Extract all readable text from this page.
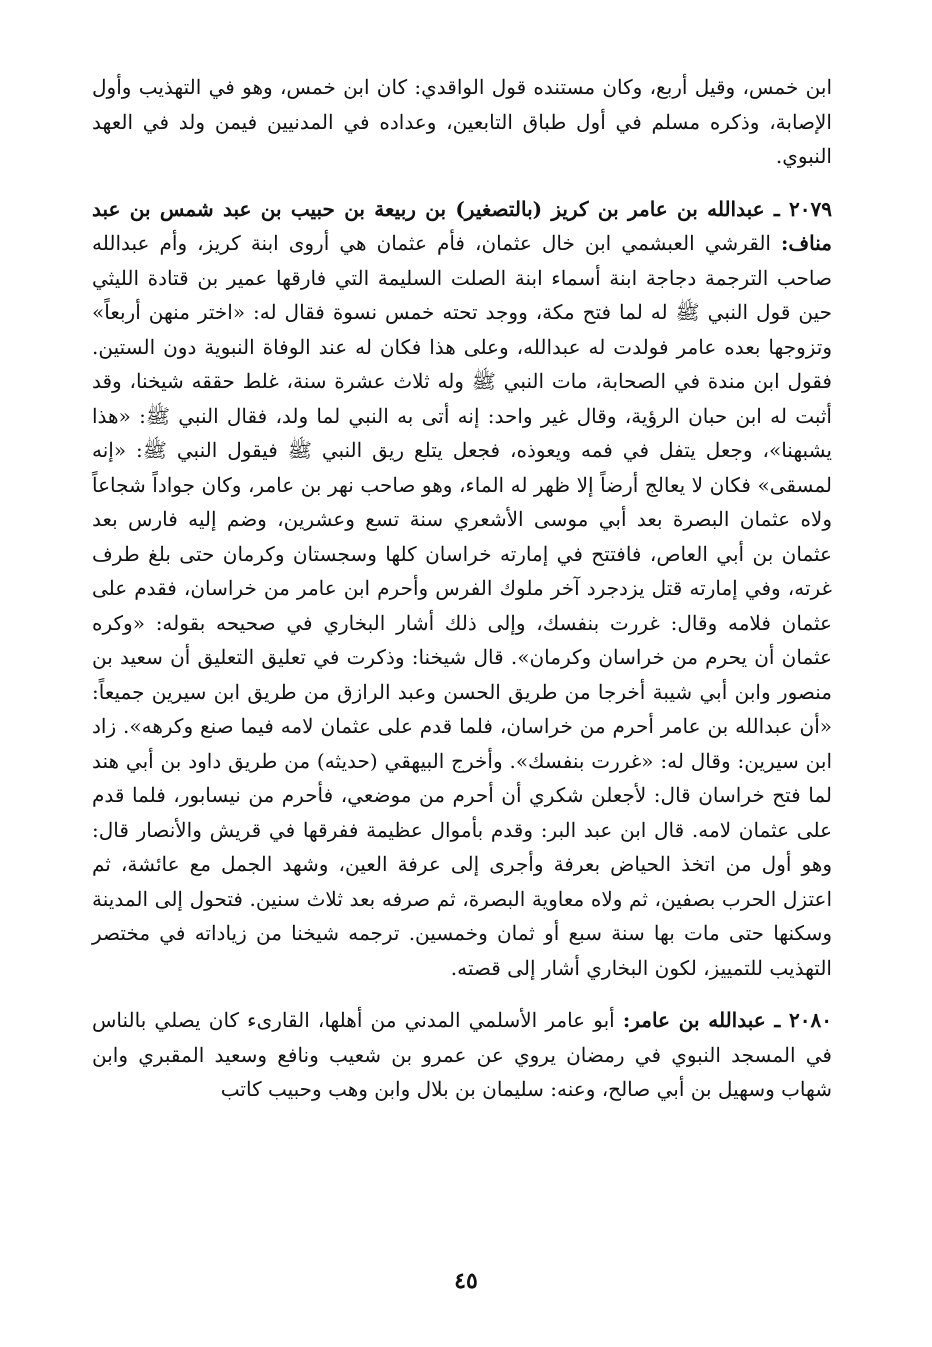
ابن خمس، وقيل أربع، وكان مستنده قول الواقدي: كان ابن خمس، وهو في التهذيب وأول الإصابة، وذكره مسلم في أول طباق التابعين، وعداده في المدنيين فيمن ولد في العهد النبوي.

٢٠٧٩ ـ عبدالله بن عامر بن كريز (بالتصغير) بن ربيعة بن حبيب بن عبد شمس بن عبد مناف: القرشي العبشمي ابن خال عثمان، فأم عثمان هي أروى ابنة كريز، وأم عبدالله صاحب الترجمة دجاجة ابنة أسماء ابنة الصلت السليمة التي فارقها عمير بن قتادة الليثي حين قول النبي ﷺ له لما فتح مكة، ووجد تحته خمس نسوة فقال له: «اختر منهن أربعاً» وتزوجها بعده عامر فولدت له عبدالله، وعلى هذا فكان له عند الوفاة النبوية دون الستين. فقول ابن مندة في الصحابة، مات النبي ﷺ وله ثلاث عشرة سنة، غلط حققه شيخنا، وقد أثبت له ابن حبان الرؤية، وقال غير واحد: إنه أتى به النبي لما ولد، فقال النبي ﷺ: «هذا يشبهنا»، وجعل يتفل في فمه ويعوذه، فجعل يتلع ريق النبي ﷺ فيقول النبي ﷺ: «إنه لمسقى» فكان لا يعالج أرضاً إلا ظهر له الماء، وهو صاحب نهر بن عامر، وكان جواداً شجاعاً ولاه عثمان البصرة بعد أبي موسى الأشعري سنة تسع وعشرين، وضم إليه فارس بعد عثمان بن أبي العاص، فافتتح في إمارته خراسان كلها وسجستان وكرمان حتى بلغ طرف غرته، وفي إمارته قتل يزدجرد آخر ملوك الفرس وأحرم ابن عامر من خراسان، فقدم على عثمان فلامه وقال: غررت بنفسك، وإلى ذلك أشار البخاري في صحيحه بقوله: «وكره عثمان أن يحرم من خراسان وكرمان». قال شيخنا: وذكرت في تعليق التعليق أن سعيد بن منصور وابن أبي شيبة أخرجا من طريق الحسن وعبد الرازق من طريق ابن سيرين جميعاً: «أن عبدالله بن عامر أحرم من خراسان، فلما قدم على عثمان لامه فيما صنع وكرهه». زاد ابن سيرين: وقال له: «غررت بنفسك». وأخرج البيهقي (حديثه) من طريق داود بن أبي هند لما فتح خراسان قال: لأجعلن شكري أن أحرم من موضعي، فأحرم من نيسابور، فلما قدم على عثمان لامه. قال ابن عبد البر: وقدم بأموال عظيمة ففرقها في قريش والأنصار قال: وهو أول من اتخذ الحياض بعرفة وأجرى إلى عرفة العين، وشهد الجمل مع عائشة، ثم اعتزل الحرب بصفين، ثم ولاه معاوية البصرة، ثم صرفه بعد ثلاث سنين. فتحول إلى المدينة وسكنها حتى مات بها سنة سبع أو ثمان وخمسين. ترجمه شيخنا من زياداته في مختصر التهذيب للتمييز، لكون البخاري أشار إلى قصته.

٢٠٨٠ ـ عبدالله بن عامر: أبو عامر الأسلمي المدني من أهلها، القارىء كان يصلي بالناس في المسجد النبوي في رمضان يروي عن عمرو بن شعيب ونافع وسعيد المقبري وابن شهاب وسهيل بن أبي صالح، وعنه: سليمان بن بلال وابن وهب وحبيب كاتب

٤٥
